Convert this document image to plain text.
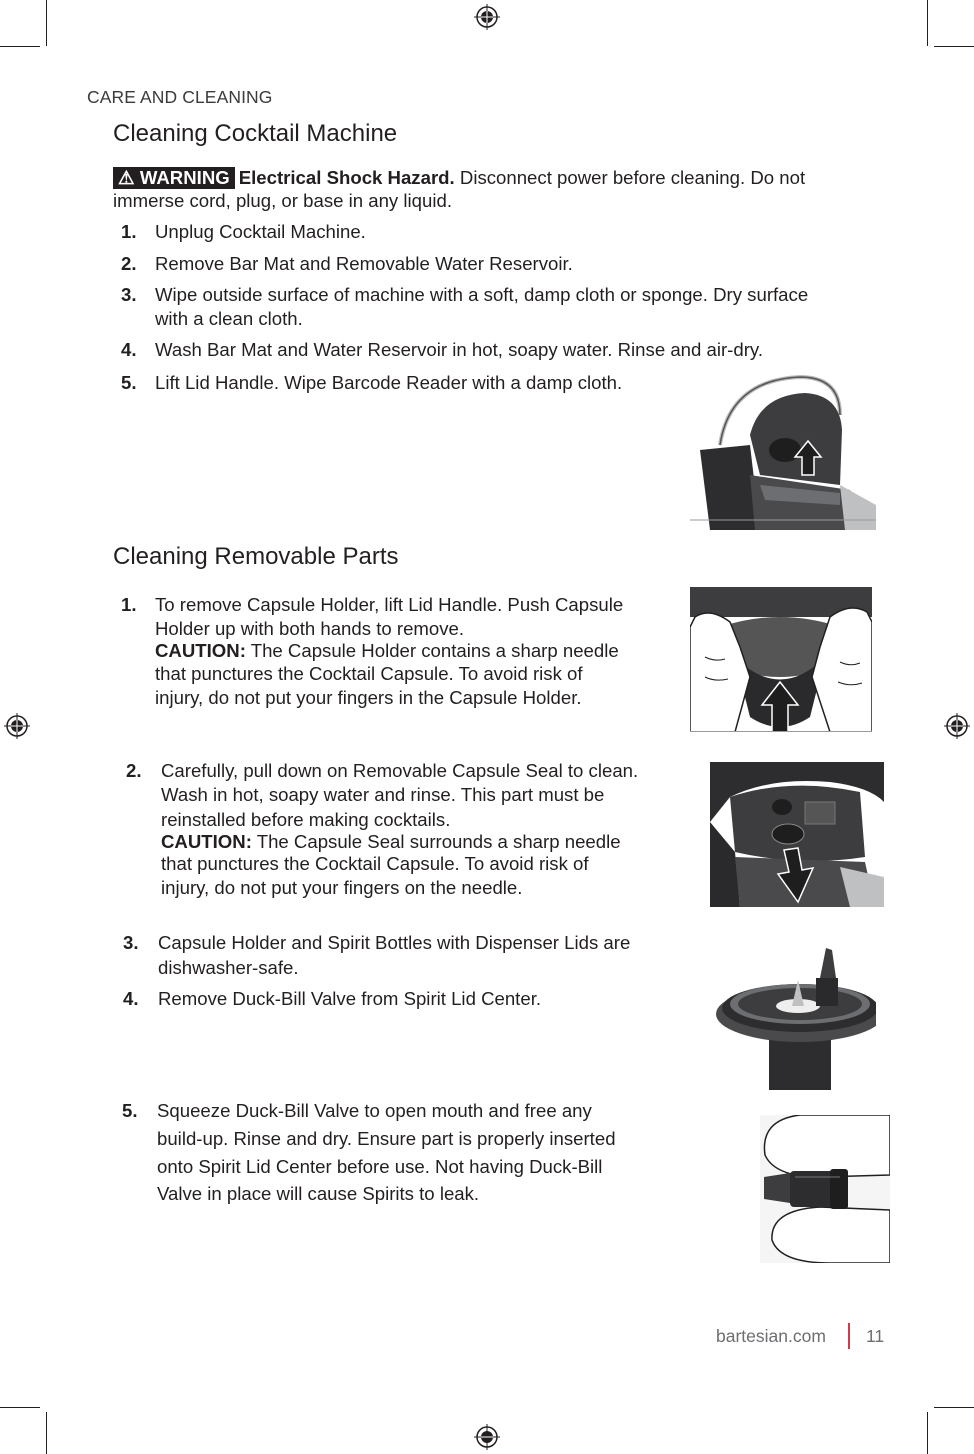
CARE AND CLEANING
Cleaning Cocktail Machine
⚠ WARNING Electrical Shock Hazard. Disconnect power before cleaning. Do not
immerse cord, plug, or base in any liquid.
1. Unplug Cocktail Machine.
2. Remove Bar Mat and Removable Water Reservoir.
3. Wipe outside surface of machine with a soft, damp cloth or sponge. Dry surface
with a clean cloth.
4. Wash Bar Mat and Water Reservoir in hot, soapy water. Rinse and air-dry.
5. Lift Lid Handle. Wipe Barcode Reader with a damp cloth.
Cleaning Removable Parts
1. To remove Capsule Holder, lift Lid Handle. Push Capsule
Holder up with both hands to remove.
CAUTION: The Capsule Holder contains a sharp needle
that punctures the Cocktail Capsule. To avoid risk of
injury, do not put your fingers in the Capsule Holder.
2. Carefully, pull down on Removable Capsule Seal to clean.
Wash in hot, soapy water and rinse. This part must be
reinstalled before making cocktails.
CAUTION: The Capsule Seal surrounds a sharp needle
that punctures the Cocktail Capsule. To avoid risk of
injury, do not put your fingers on the needle.
3. Capsule Holder and Spirit Bottles with Dispenser Lids are
dishwasher-safe.
4. Remove Duck-Bill Valve from Spirit Lid Center.
5. Squeeze Duck-Bill Valve to open mouth and free any
build-up. Rinse and dry. Ensure part is properly inserted
onto Spirit Lid Center before use. Not having Duck-Bill
Valve in place will cause Spirits to leak.
bartesian.com 11
